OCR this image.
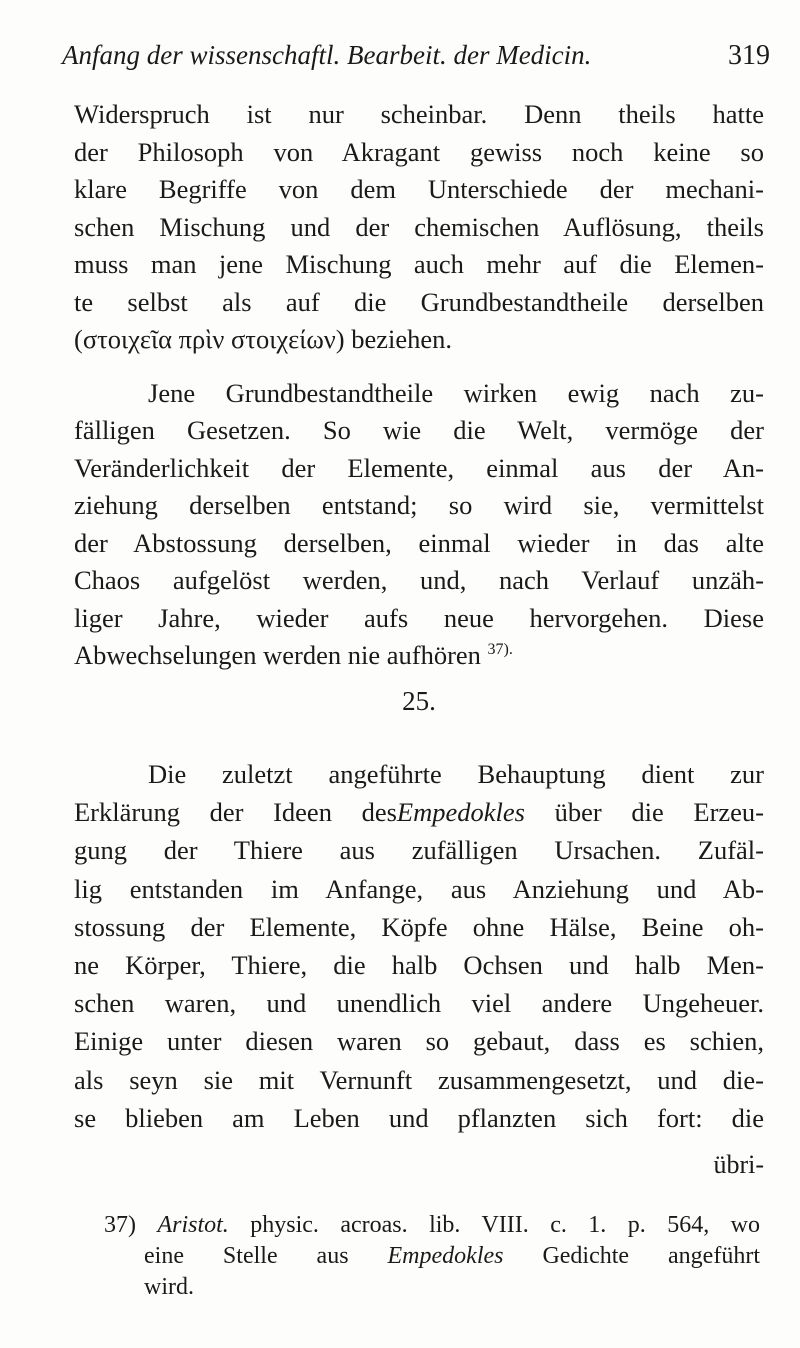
Anfang der wissenschaftl. Bearbeit. der Medicin.	319
Widerspruch ist nur scheinbar. Denn theils hatte
der Philosoph von Akragant gewiss noch keine so
klare Begriffe von dem Unterschiede der mechani-
schen Mischung und der chemischen Auflösung, theils
muss man jene Mischung auch mehr auf die Elemen-
te selbst als auf die Grundbestandtheile derselben
(στοιχεῖα πρὶν στοιχείων) beziehen.
Jene Grundbestandtheile wirken ewig nach zu-
fälligen Gesetzen. So wie die Welt, vermöge der
Veränderlichkeit der Elemente, einmal aus der An-
ziehung derselben entstand; so wird sie, vermittelst
der Abstossung derselben, einmal wieder in das alte
Chaos aufgelöst werden, und, nach Verlauf unzäh-
liger Jahre, wieder aufs neue hervorgehen. Diese
Abwechselungen werden nie aufhören $^{37).}$
25.
Die zuletzt angeführte Behauptung dient zur
Erklärung der Ideen desEmpedokles über die Erzeu-
gung der Thiere aus zufälligen Ursachen. Zufäl-
lig entstanden im Anfange, aus Anziehung und Ab-
stossung der Elemente, Köpfe ohne Hälse, Beine oh-
ne Körper, Thiere, die halb Ochsen und halb Men-
schen waren, und unendlich viel andere Ungeheuer.
Einige unter diesen waren so gebaut, dass es schien,
als seyn sie mit Vernunft zusammengesetzt, und die-
se blieben am Leben und pflanzten sich fort: die
übri-
37) Aristot. physic. acroas. lib. VIII. c. 1. p. 564, wo
eine Stelle aus Empedokles Gedichte angeführt
wird.
